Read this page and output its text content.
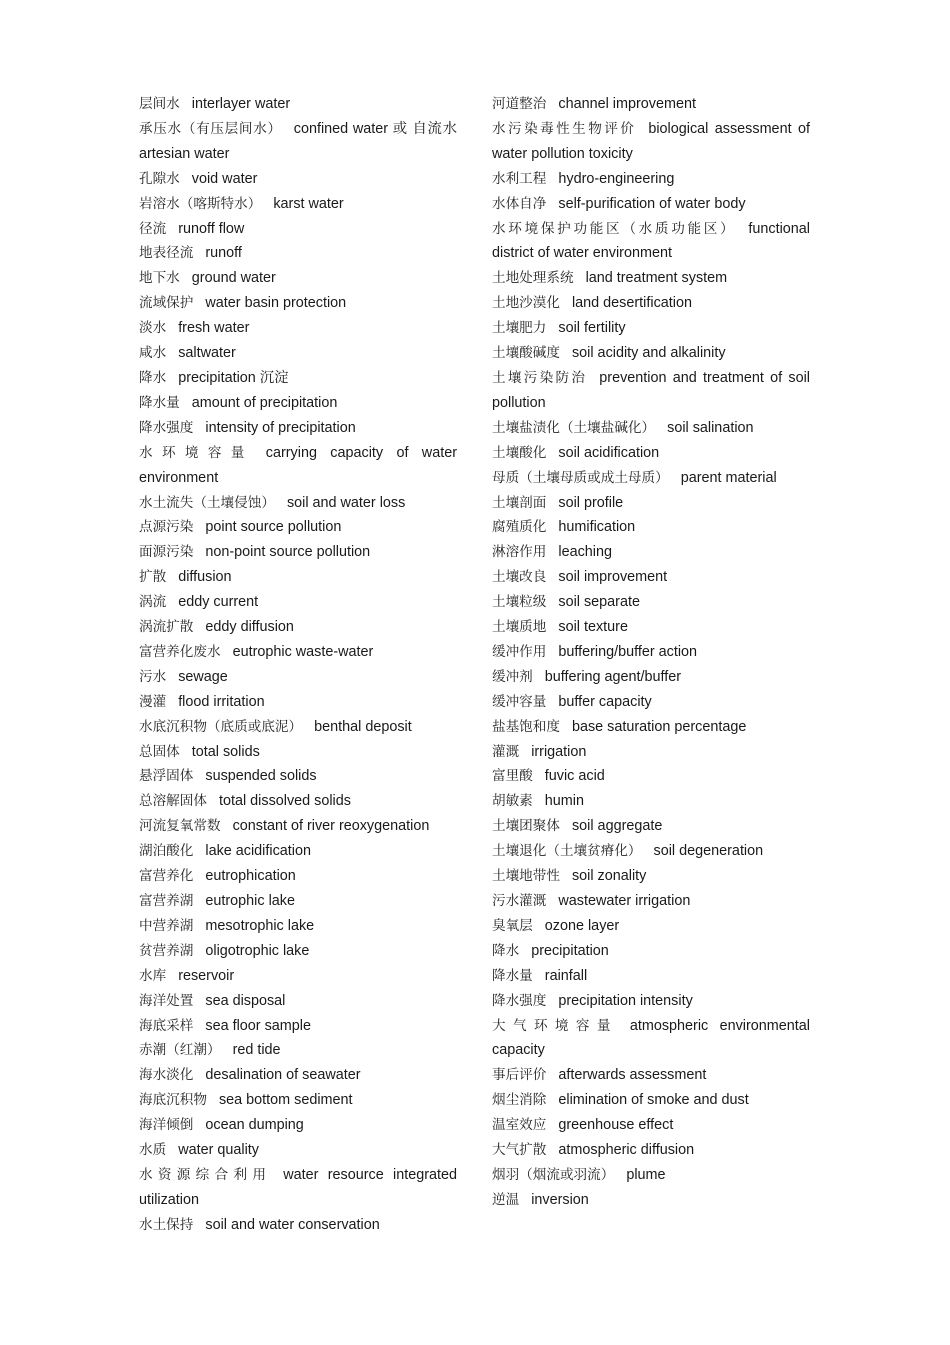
层间水 interlayer water

承压水（有压层间水） confined water 或 自流水 artesian water

孔隙水 void water

岩溶水（喀斯特水） karst water

径流 runoff flow

地表径流 runoff

地下水 ground water

流域保护 water basin protection

淡水 fresh water

咸水 saltwater

降水 precipitation 沉淀

降水量 amount of precipitation

降水强度 intensity of precipitation

水环境容量 carrying capacity of water environment

水土流失（土壤侵蚀） soil and water loss

点源污染 point source pollution

面源污染 non-point source pollution

扩散 diffusion

涡流 eddy current

涡流扩散 eddy diffusion

富营养化废水 eutrophic waste-water

污水 sewage

漫灌 flood irritation

水底沉积物（底质或底泥） benthal deposit

总固体 total solids

悬浮固体 suspended solids

总溶解固体 total dissolved solids

河流复氧常数 constant of river reoxygenation

湖泊酸化 lake acidification

富营养化 eutrophication

富营养湖 eutrophic lake

中营养湖 mesotrophic lake

贫营养湖 oligotrophic lake

水库 reservoir

海洋处置 sea disposal

海底采样 sea floor sample

赤潮（红潮） red tide

海水淡化 desalination of seawater

海底沉积物 sea bottom sediment

海洋倾倒 ocean dumping

水质 water quality

水资源综合利用 water resource integrated utilization

水土保持 soil and water conservation

河道整治 channel improvement

水污染毒性生物评价 biological assessment of water pollution toxicity

水利工程 hydro-engineering

水体自净 self-purification of water body

水环境保护功能区（水质功能区） functional district of water environment

土地处理系统 land treatment system

土地沙漠化 land desertification

土壤肥力 soil fertility

土壤酸碱度 soil acidity and alkalinity

土壤污染防治 prevention and treatment of soil pollution

土壤盐渍化（土壤盐碱化） soil salination

土壤酸化 soil acidification

母质（土壤母质或成土母质） parent material

土壤剖面 soil profile

腐殖质化 humification

淋溶作用 leaching

土壤改良 soil improvement

土壤粒级 soil separate

土壤质地 soil texture

缓冲作用 buffering/buffer action

缓冲剂 buffering agent/buffer

缓冲容量 buffer capacity

盐基饱和度 base saturation percentage

灌溉 irrigation

富里酸 fuvic acid

胡敏素 humin

土壤团聚体 soil aggregate

土壤退化（土壤贫瘠化） soil degeneration

土壤地带性 soil zonality

污水灌溉 wastewater irrigation

臭氧层 ozone layer

降水 precipitation

降水量 rainfall

降水强度 precipitation intensity

大气环境容量 atmospheric environmental capacity

事后评价 afterwards assessment

烟尘消除 elimination of smoke and dust

温室效应 greenhouse effect

大气扩散 atmospheric diffusion

烟羽（烟流或羽流） plume

逆温 inversion
